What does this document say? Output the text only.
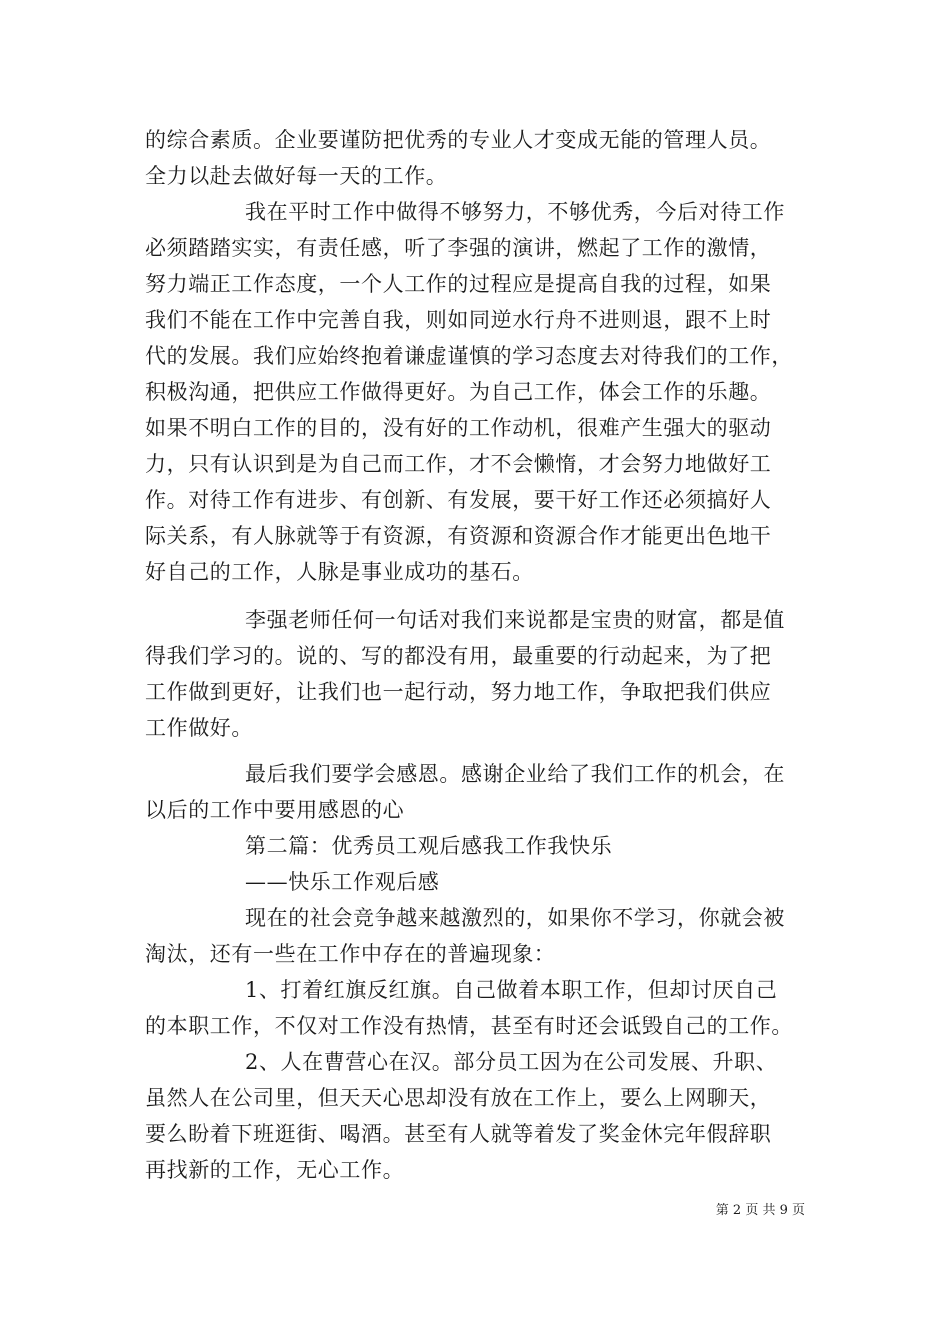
的综合素质。企业要谨防把优秀的专业人才变成无能的管理人员。
全力以赴去做好每一天的工作。
我在平时工作中做得不够努力，不够优秀，今后对待工作
必须踏踏实实，有责任感，听了李强的演讲，燃起了工作的激情，
努力端正工作态度，一个人工作的过程应是提高自我的过程，如果
我们不能在工作中完善自我，则如同逆水行舟不进则退，跟不上时
代的发展。我们应始终抱着谦虚谨慎的学习态度去对待我们的工作，
积极沟通，把供应工作做得更好。为自己工作，体会工作的乐趣。
如果不明白工作的目的，没有好的工作动机，很难产生强大的驱动
力，只有认识到是为自己而工作，才不会懒惰，才会努力地做好工
作。对待工作有进步、有创新、有发展，要干好工作还必须搞好人
际关系，有人脉就等于有资源，有资源和资源合作才能更出色地干
好自己的工作，人脉是事业成功的基石。
李强老师任何一句话对我们来说都是宝贵的财富，都是值
得我们学习的。说的、写的都没有用，最重要的行动起来，为了把
工作做到更好，让我们也一起行动，努力地工作，争取把我们供应
工作做好。
最后我们要学会感恩。感谢企业给了我们工作的机会，在
以后的工作中要用感恩的心
第二篇：优秀员工观后感我工作我快乐
——快乐工作观后感
现在的社会竞争越来越激烈的，如果你不学习，你就会被
淘汰，还有一些在工作中存在的普遍现象：
1、打着红旗反红旗。自己做着本职工作，但却讨厌自己
的本职工作，不仅对工作没有热情，甚至有时还会诋毁自己的工作。
2、人在曹营心在汉。部分员工因为在公司发展、升职、
虽然人在公司里，但天天心思却没有放在工作上，要么上网聊天，
要么盼着下班逛街、喝酒。甚至有人就等着发了奖金休完年假辞职
再找新的工作，无心工作。
第 2 页 共 9 页
